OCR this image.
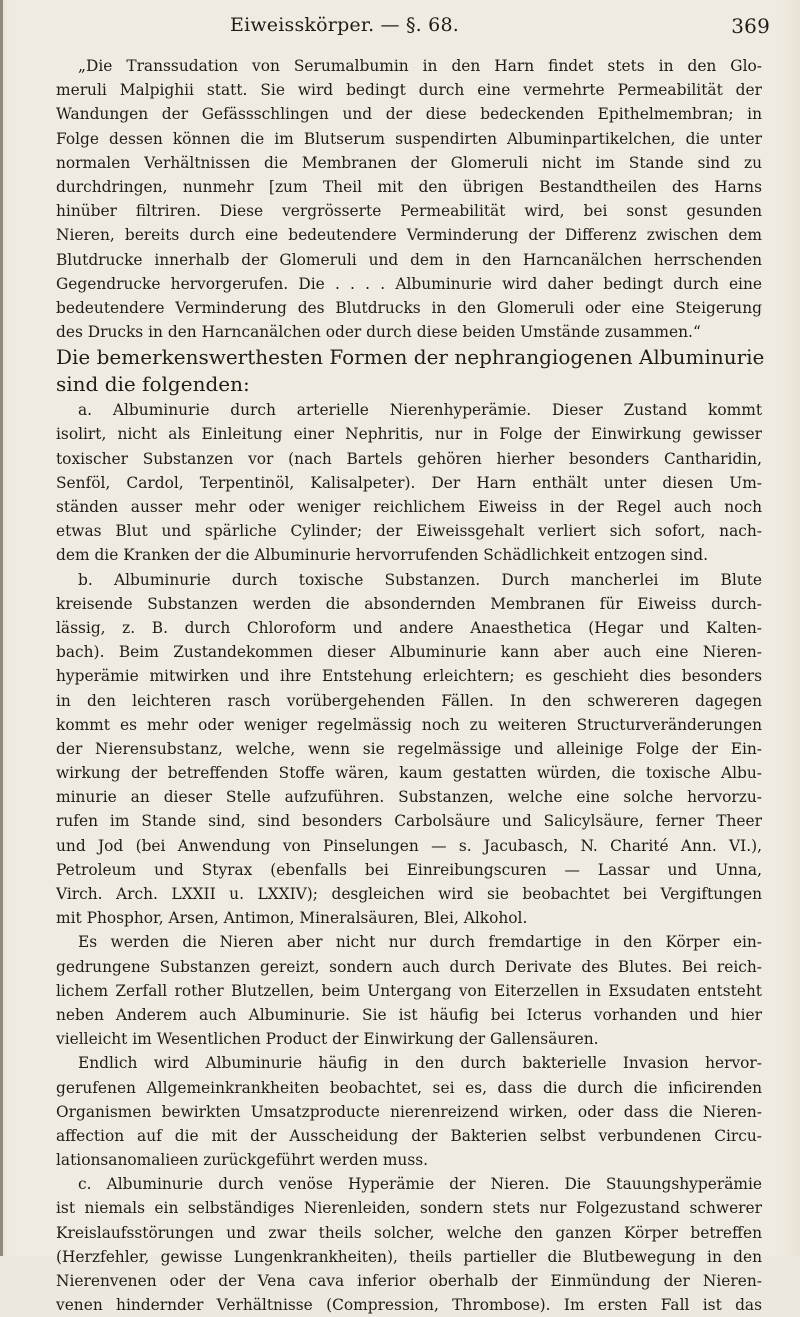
Eiweisskörper. — §. 68.	369
„Die Transsudation von Serumalbumin in den Harn findet stets in den Glo-
meruli Malpighii statt. Sie wird bedingt durch eine vermehrte Permeabilität der
Wandungen der Gefässschlingen und der diese bedeckenden Epithelmembran; in
Folge dessen können die im Blutserum suspendirten Albuminpartikelchen, die unter
normalen Verhältnissen die Membranen der Glomeruli nicht im Stande sind zu
durchdringen, nunmehr [zum Theil mit den übrigen Bestandtheilen des Harns
hinüber filtriren. Diese vergrösserte Permeabilität wird, bei sonst gesunden
Nieren, bereits durch eine bedeutendere Verminderung der Differenz zwischen dem
Blutdrucke innerhalb der Glomeruli und dem in den Harncanälchen herrschenden
Gegendrucke hervorgerufen. Die . . . . Albuminurie wird daher bedingt durch eine
bedeutendere Verminderung des Blutdrucks in den Glomeruli oder eine Steigerung
des Drucks in den Harncanälchen oder durch diese beiden Umstände zusammen.“
Die bemerkenswerthesten Formen der nephrangiogenen Albuminurie
sind die folgenden:
a. Albuminurie durch arterielle Nierenhyperämie. Dieser Zustand kommt
isolirt, nicht als Einleitung einer Nephritis, nur in Folge der Einwirkung gewisser
toxischer Substanzen vor (nach Bartels gehören hierher besonders Cantharidin,
Senföl, Cardol, Terpentinöl, Kalisalpeter). Der Harn enthält unter diesen Um-
ständen ausser mehr oder weniger reichlichem Eiweiss in der Regel auch noch
etwas Blut und spärliche Cylinder; der Eiweissgehalt verliert sich sofort, nach-
dem die Kranken der die Albuminurie hervorrufenden Schädlichkeit entzogen sind.
b. Albuminurie durch toxische Substanzen. Durch mancherlei im Blute
kreisende Substanzen werden die absondernden Membranen für Eiweiss durch-
lässig, z. B. durch Chloroform und andere Anaesthetica (Hegar und Kalten-
bach). Beim Zustandekommen dieser Albuminurie kann aber auch eine Nieren-
hyperämie mitwirken und ihre Entstehung erleichtern; es geschieht dies besonders
in den leichteren rasch vorübergehenden Fällen. In den schwereren dagegen
kommt es mehr oder weniger regelmässig noch zu weiteren Structurveränderungen
der Nierensubstanz, welche, wenn sie regelmässige und alleinige Folge der Ein-
wirkung der betreffenden Stoffe wären, kaum gestatten würden, die toxische Albu-
minurie an dieser Stelle aufzuführen. Substanzen, welche eine solche hervorzu-
rufen im Stande sind, sind besonders Carbolsäure und Salicylsäure, ferner Theer
und Jod (bei Anwendung von Pinselungen — s. Jacubasch, N. Charité Ann. VI.),
Petroleum und Styrax (ebenfalls bei Einreibungscuren — Lassar und Unna,
Virch. Arch. LXXII u. LXXIV); desgleichen wird sie beobachtet bei Vergiftungen
mit Phosphor, Arsen, Antimon, Mineralsäuren, Blei, Alkohol.
Es werden die Nieren aber nicht nur durch fremdartige in den Körper ein-
gedrungene Substanzen gereizt, sondern auch durch Derivate des Blutes. Bei reich-
lichem Zerfall rother Blutzellen, beim Untergang von Eiterzellen in Exsudaten entsteht
neben Anderem auch Albuminurie. Sie ist häufig bei Icterus vorhanden und hier
vielleicht im Wesentlichen Product der Einwirkung der Gallensäuren.
Endlich wird Albuminurie häufig in den durch bakterielle Invasion hervor-
gerufenen Allgemeinkrankheiten beobachtet, sei es, dass die durch die inficirenden
Organismen bewirkten Umsatzproducte nierenreizend wirken, oder dass die Nieren-
affection auf die mit der Ausscheidung der Bakterien selbst verbundenen Circu-
lationsanomalieen zurückgeführt werden muss.
c. Albuminurie durch venöse Hyperämie der Nieren. Die Stauungshyperämie
ist niemals ein selbständiges Nierenleiden, sondern stets nur Folgezustand schwerer
Kreislaufsstörungen und zwar theils solcher, welche den ganzen Körper betreffen
(Herzfehler, gewisse Lungenkrankheiten), theils partieller die Blutbewegung in den
Nierenvenen oder der Vena cava inferior oberhalb der Einmündung der Nieren-
venen hindernder Verhältnisse (Compression, Thrombose). Im ersten Fall ist das
